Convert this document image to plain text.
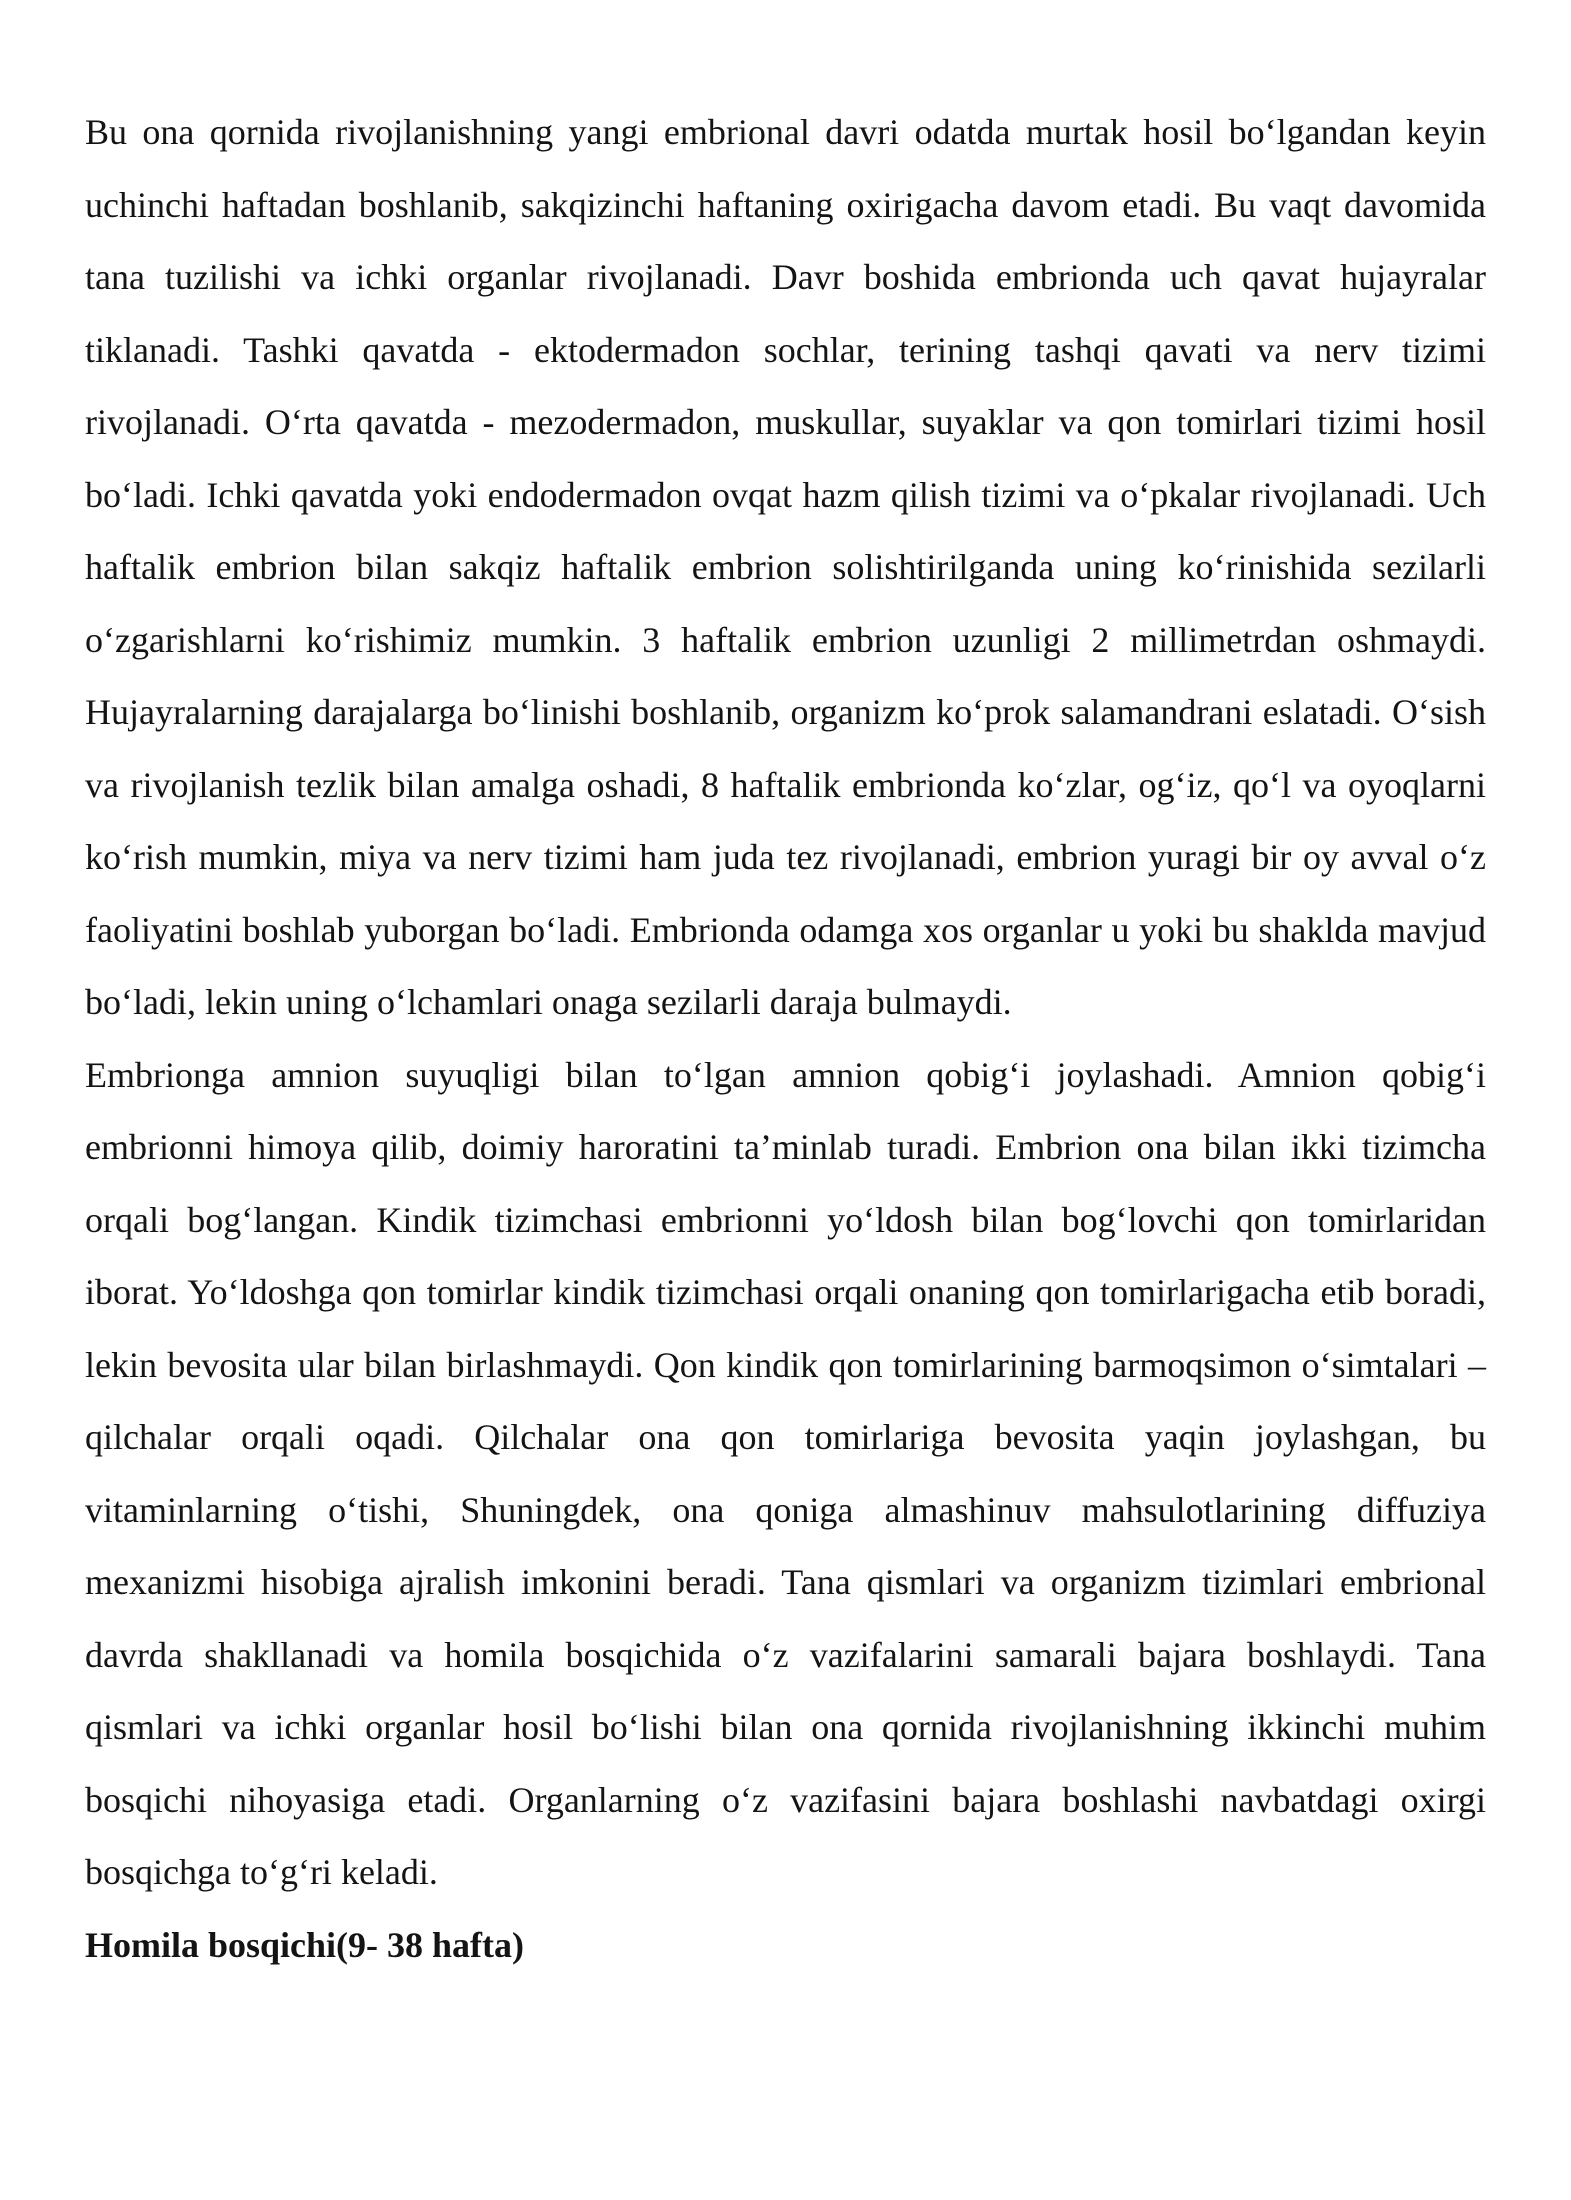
Bu ona qornida rivojlanishning yangi embrional davri odatda murtak hosil bo‘lgandan keyin uchinchi haftadan boshlanib, sakqizinchi haftaning oxirigacha davom etadi. Bu vaqt davomida tana tuzilishi va ichki organlar rivojlanadi. Davr boshida embrionda uch qavat hujayralar tiklanadi. Tashki qavatda - ektodermadon sochlar, terining tashqi qavati va nerv tizimi rivojlanadi. O‘rta qavatda - mezodermadon, muskullar, suyaklar va qon tomirlari tizimi hosil bo‘ladi. Ichki qavatda yoki endodermadon ovqat hazm qilish tizimi va o‘pkalar rivojlanadi. Uch haftalik embrion bilan sakqiz haftalik embrion solishtirilganda uning ko‘rinishida sezilarli o‘zgarishlarni ko‘rishimiz mumkin. 3 haftalik embrion uzunligi 2 millimetrdan oshmaydi. Hujayralarning darajalarga bo‘linishi boshlanib, organizm ko‘prok salamandrani eslatadi. O‘sish va rivojlanish tezlik bilan amalga oshadi, 8 haftalik embrionda ko‘zlar, og‘iz, qo‘l va oyoqlarni ko‘rish mumkin, miya va nerv tizimi ham juda tez rivojlanadi, embrion yuragi bir oy avval o‘z faoliyatini boshlab yuborgan bo‘ladi. Embrionda odamga xos organlar u yoki bu shaklda mavjud bo‘ladi, lekin uning o‘lchamlari onaga sezilarli daraja bulmaydi.

Embrionga amnion suyuqligi bilan to‘lgan amnion qobig‘i joylashadi. Amnion qobig‘i embrionni himoya qilib, doimiy haroratini ta’minlab turadi. Embrion ona bilan ikki tizimcha orqali bog‘langan. Kindik tizimchasi embrionni yo‘ldosh bilan bog‘lovchi qon tomirlaridan iborat. Yo‘ldoshga qon tomirlar kindik tizimchasi orqali onaning qon tomirlarigacha etib boradi, lekin bevosita ular bilan birlashmaydi. Qon kindik qon tomirlarining barmoqsimon o‘simtalari –qilchalar orqali oqadi. Qilchalar ona qon tomirlariga bevosita yaqin joylashgan, bu vitaminlarning o‘tishi, Shuningdek, ona qoniga almashinuv mahsulotlarining diffuziya mexanizmi hisobiga ajralish imkonini beradi. Tana qismlari va organizm tizimlari embrional davrda shakllanadi va homila bosqichida o‘z vazifalarini samarali bajara boshlaydi. Tana qismlari va ichki organlar hosil bo‘lishi bilan ona qornida rivojlanishning ikkinchi muhim bosqichi nihoyasiga etadi. Organlarning o‘z vazifasini bajara boshlashi navbatdagi oxirgi bosqichga to‘g‘ri keladi.

Homila bosqichi(9- 38 hafta)
